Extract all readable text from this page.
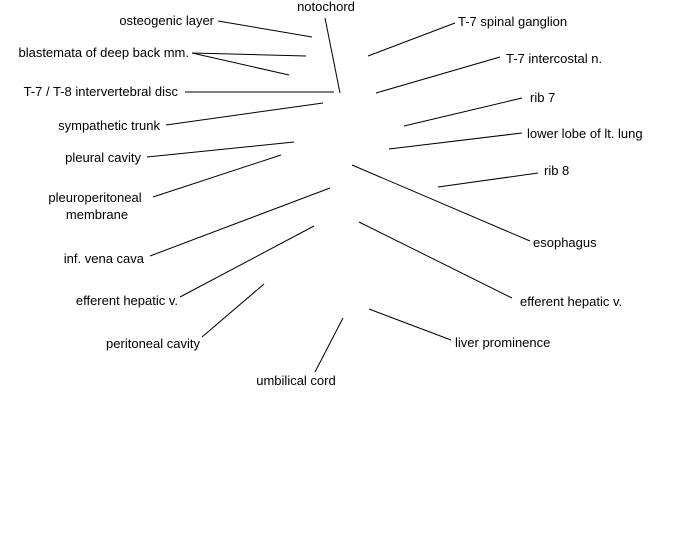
notochord
osteogenic layer
blastemata of deep back mm.
T-7 / T-8 intervertebral disc
sympathetic trunk
pleural cavity
pleuroperitoneal
membrane
inf. vena cava
efferent hepatic v.
peritoneal cavity
umbilical cord
T-7 spinal ganglion
T-7 intercostal n.
rib 7
lower lobe of lt. lung
rib 8
esophagus
efferent hepatic v.
liver prominence
